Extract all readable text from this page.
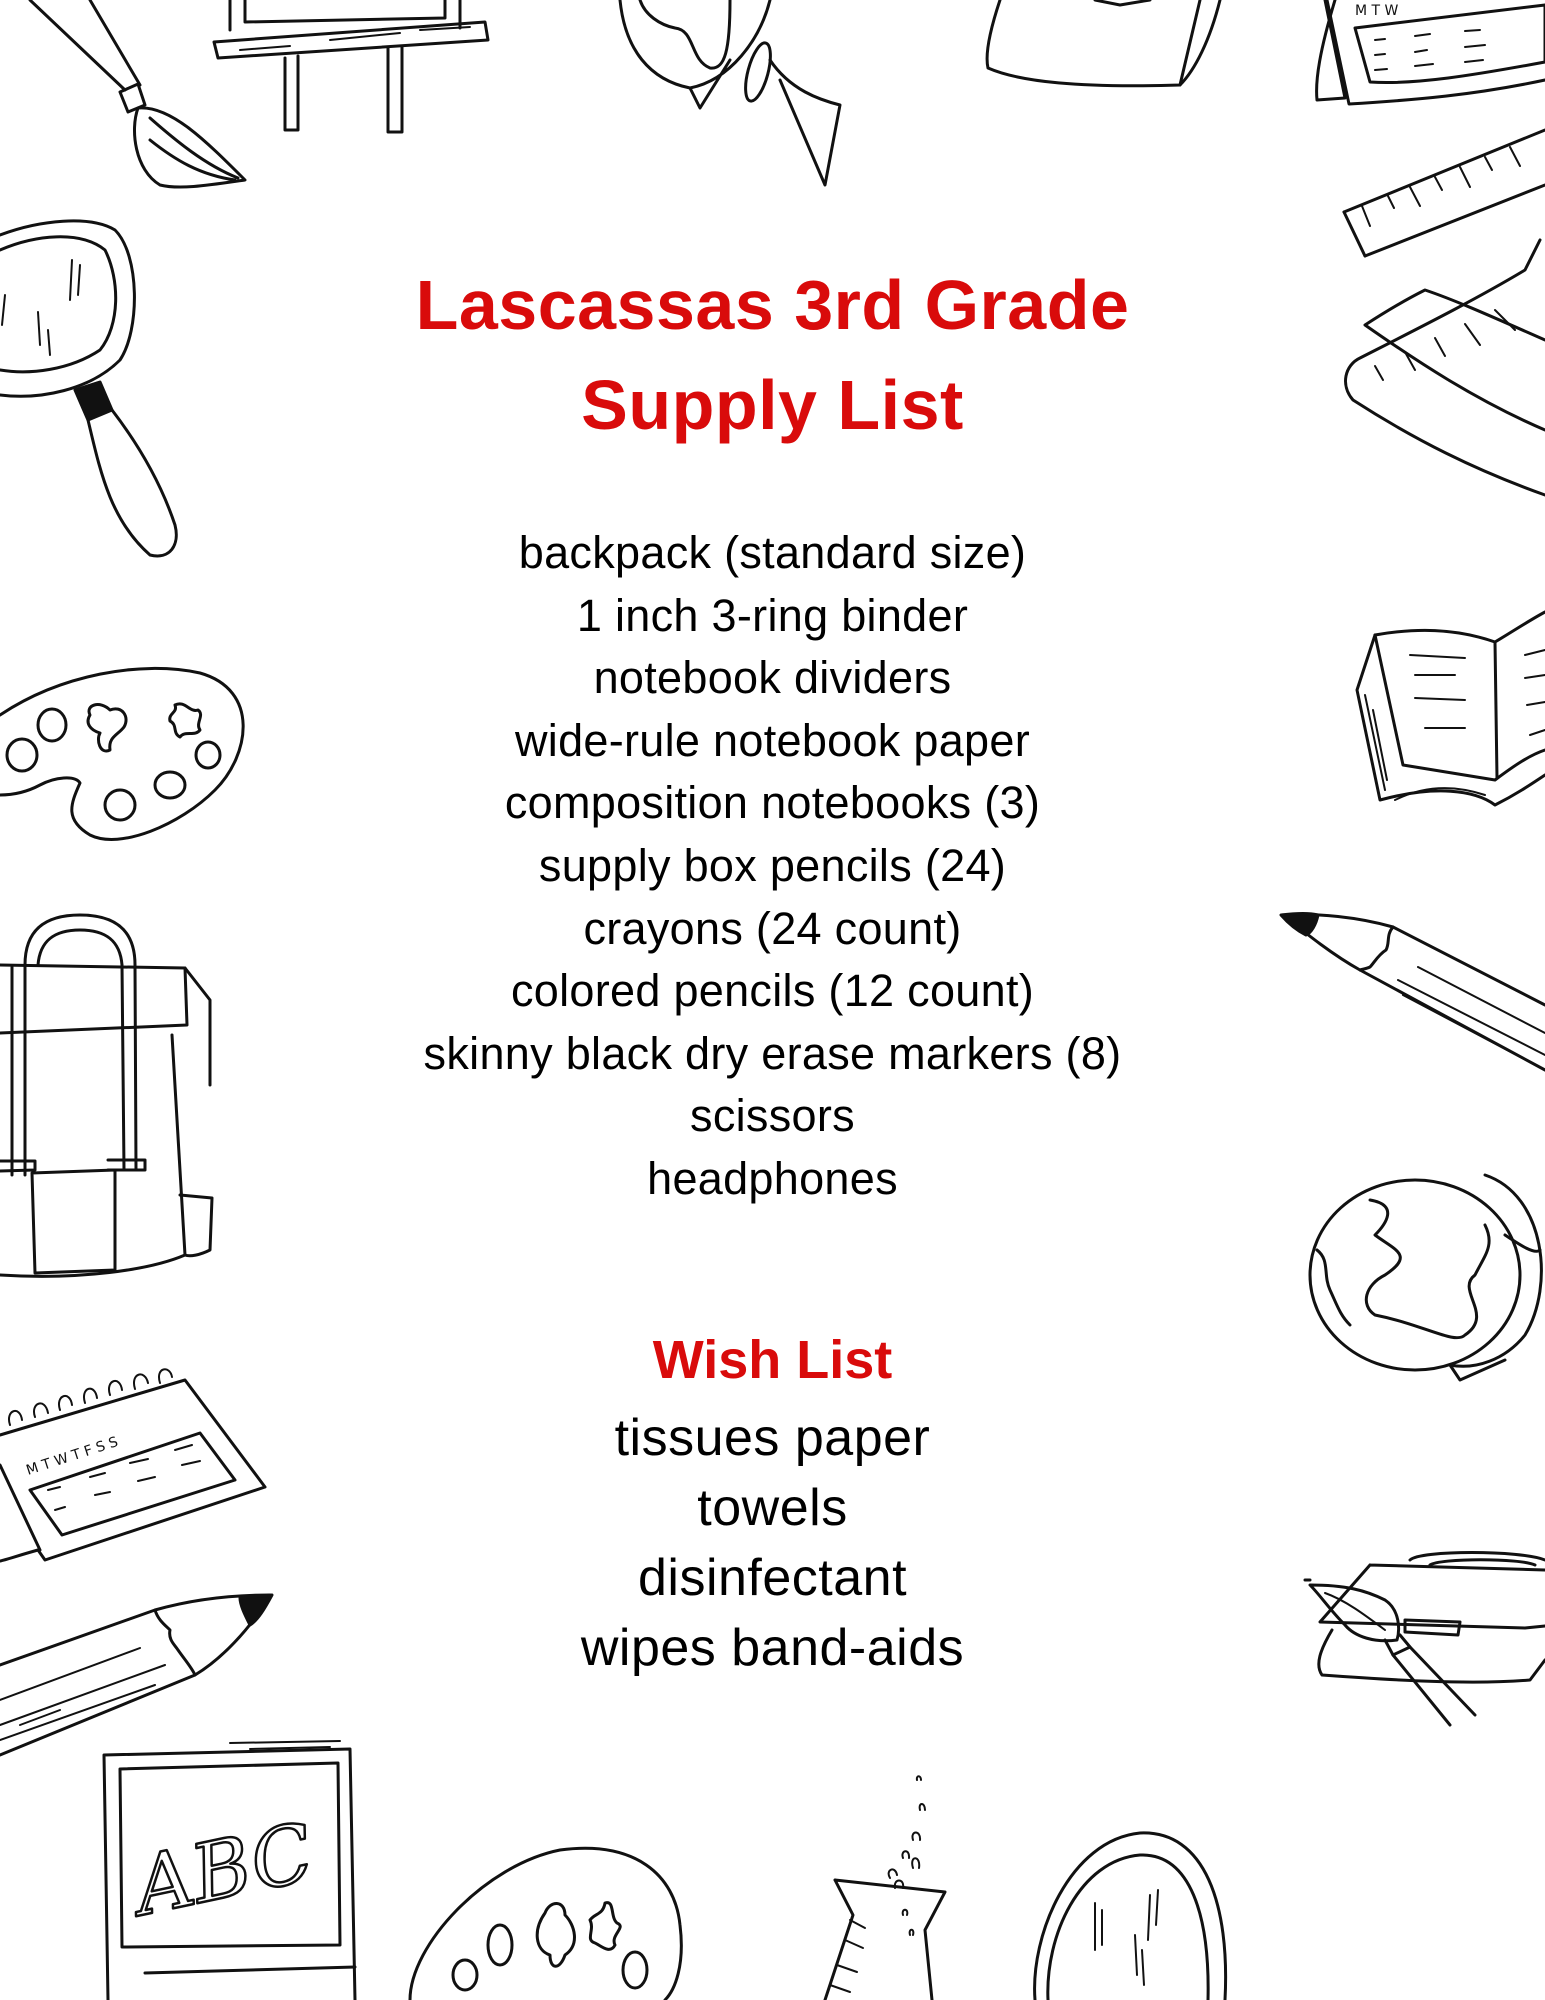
M T W
M T W T F S S
ABC
Lascassas 3rd Grade
Supply List
backpack (standard size)
1 inch 3-ring binder
notebook dividers
wide-rule notebook paper
composition notebooks (3)
supply box pencils (24)
crayons (24 count)
colored pencils (12 count)
skinny black dry erase markers (8)
scissors
headphones
Wish List
tissues paper
towels
disinfectant
wipes band-aids
